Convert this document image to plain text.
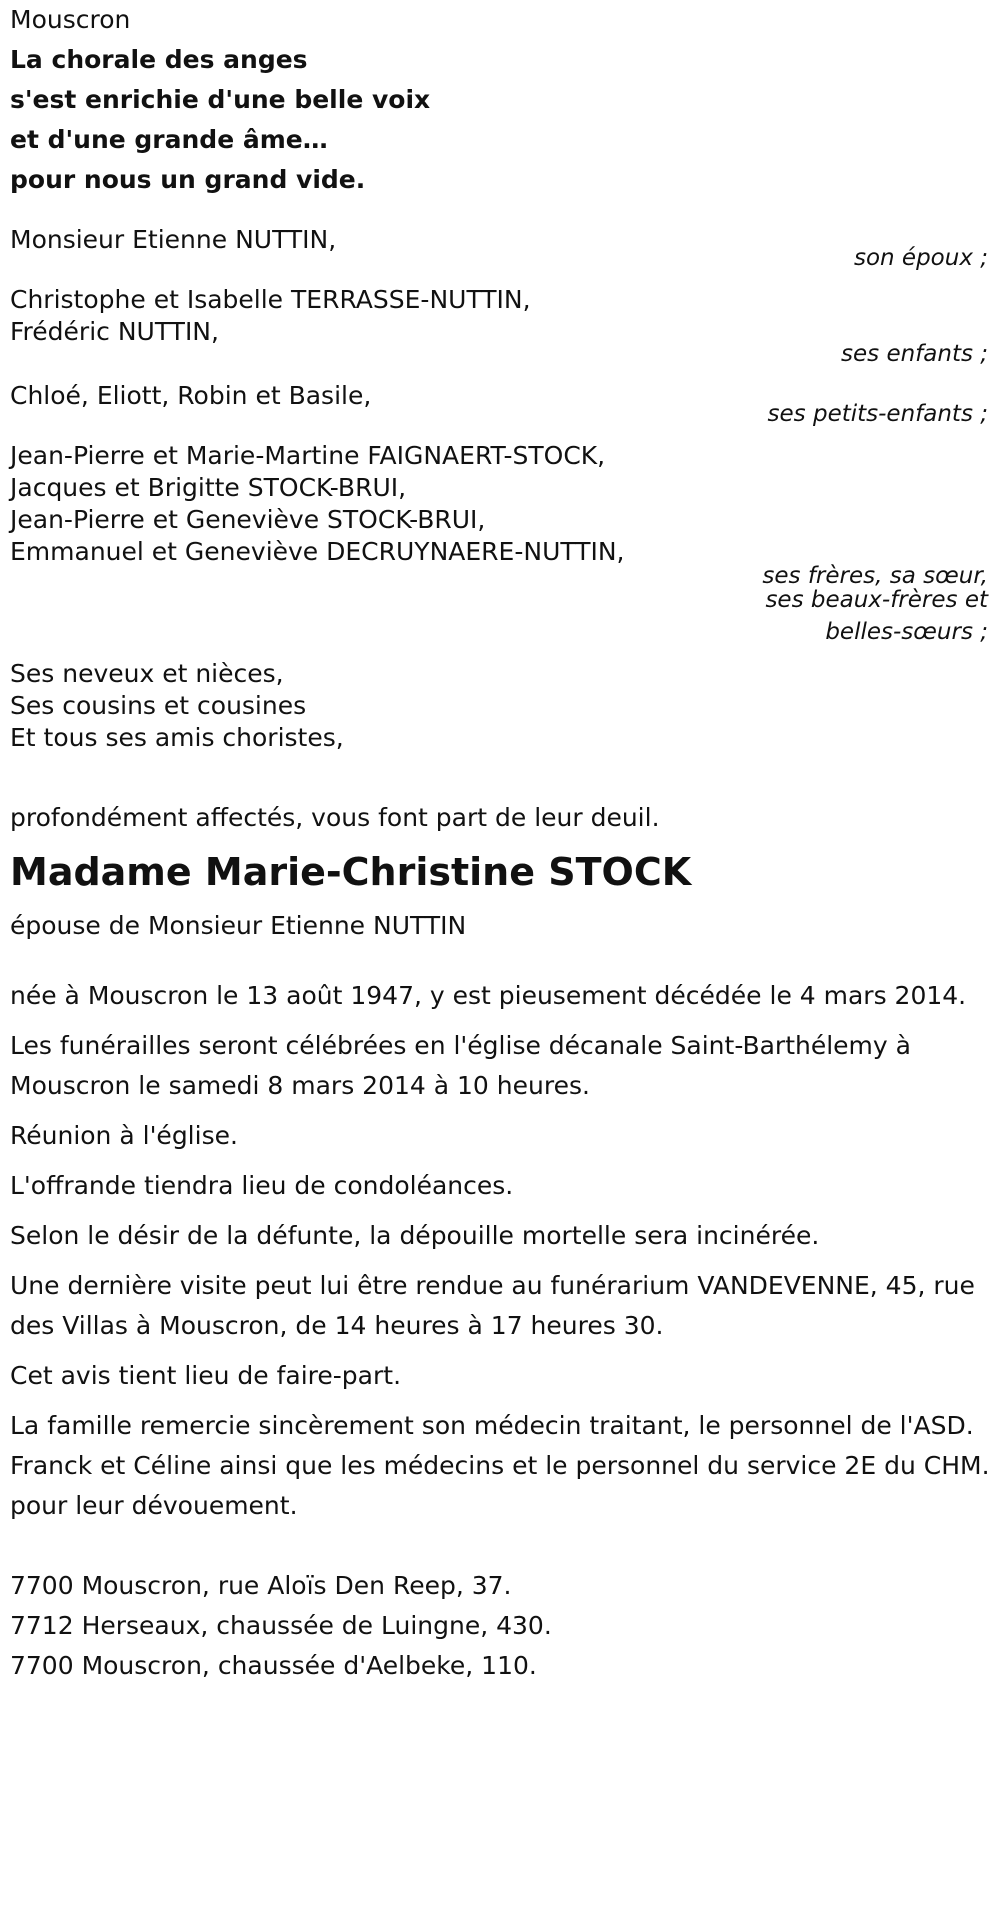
Mouscron
La chorale des anges
s'est enrichie d'une belle voix
et d'une grande âme…
pour nous un grand vide.
Monsieur Etienne NUTTIN,
son époux ;
Christophe et Isabelle TERRASSE-NUTTIN,
Frédéric NUTTIN,
ses enfants ;
Chloé, Eliott, Robin et Basile,
ses petits-enfants ;
Jean-Pierre et Marie-Martine FAIGNAERT-STOCK,
Jacques et Brigitte STOCK-BRUI,
Jean-Pierre et Geneviève STOCK-BRUI,
Emmanuel et Geneviève DECRUYNAERE-NUTTIN,
ses frères, sa sœur,
ses beaux-frères et
belles-sœurs ;
Ses neveux et nièces,
Ses cousins et cousines
Et tous ses amis choristes,
profondément affectés, vous font part de leur deuil.
Madame Marie-Christine STOCK
épouse de Monsieur Etienne NUTTIN
née à Mouscron le 13 août 1947, y est pieusement décédée le 4 mars 2014.
Les funérailles seront célébrées en l'église décanale Saint-Barthélemy à Mouscron le samedi 8 mars 2014 à 10 heures.
Réunion à l'église.
L'offrande tiendra lieu de condoléances.
Selon le désir de la défunte, la dépouille mortelle sera incinérée.
Une dernière visite peut lui être rendue au funérarium VANDEVENNE, 45, rue des Villas à Mouscron, de 14 heures à 17 heures 30.
Cet avis tient lieu de faire-part.
La famille remercie sincèrement son médecin traitant, le personnel de l'ASD. Franck et Céline ainsi que les médecins et le personnel du service 2E du CHM. pour leur dévouement.
7700 Mouscron, rue Aloïs Den Reep, 37.
7712 Herseaux, chaussée de Luingne, 430.
7700 Mouscron, chaussée d'Aelbeke, 110.
